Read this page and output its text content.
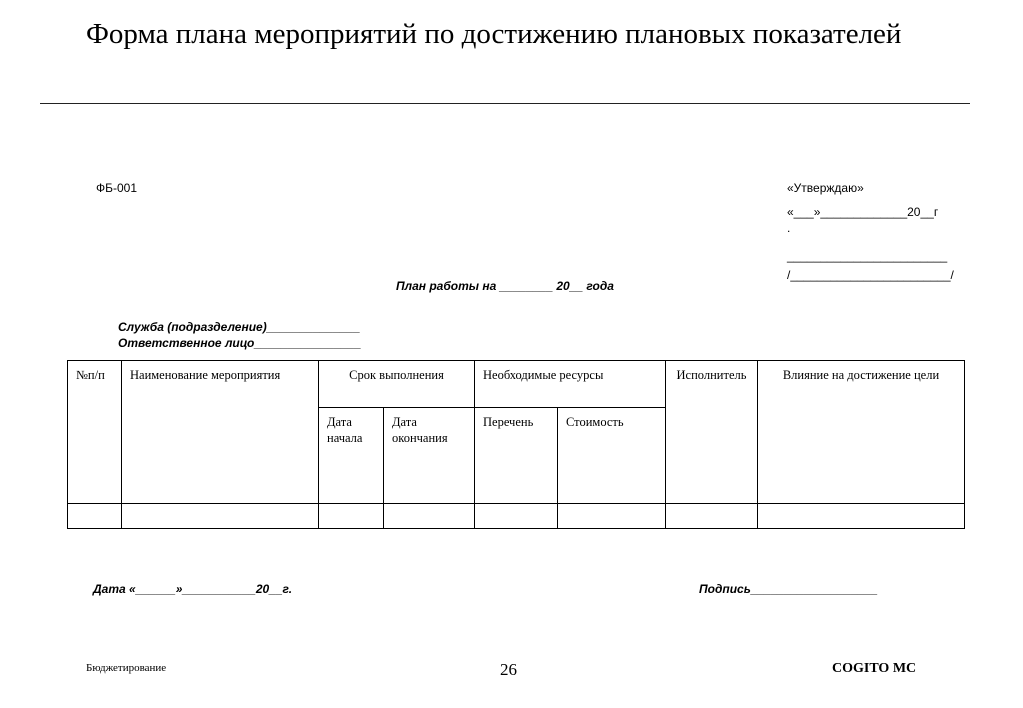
Форма плана мероприятий по достижению плановых показателей
ФБ-001	«Утверждаю»
«___»_____________20__г
.
________________________
/________________________/
План работы на ________ 20__ года
Служба (подразделение)______________
Ответственное лицо________________
№п/п	Наименование мероприятия	Срок выполнения		Необходимые ресурсы		Исполнитель	Влияние на достижение цели
		Дата начала	Дата окончания	Перечень	Стоимость		

Дата «______»___________20__г.	Подпись___________________
Бюджетирование	26	COGITO MC
